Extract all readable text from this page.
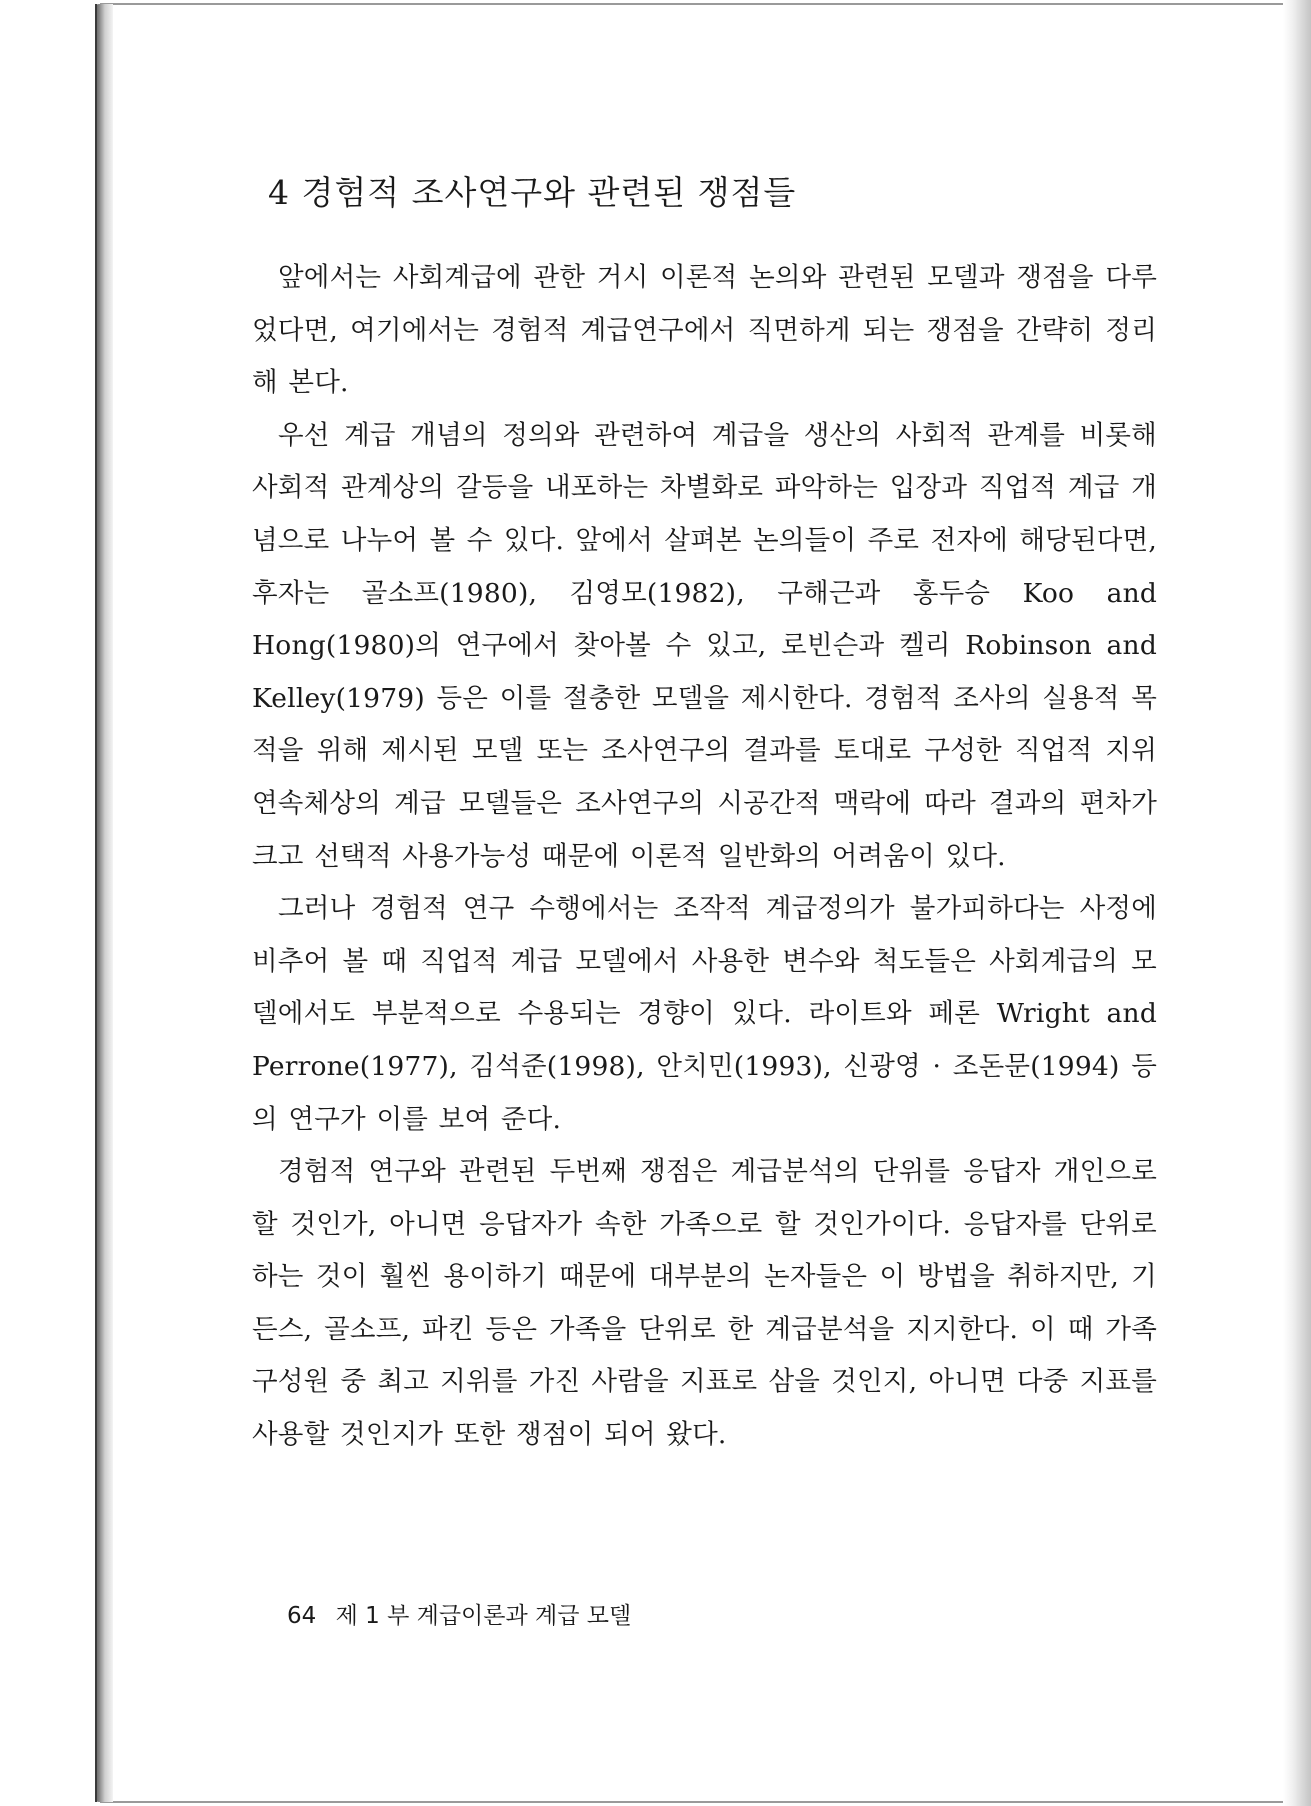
4 경험적 조사연구와 관련된 쟁점들

앞에서는 사회계급에 관한 거시 이론적 논의와 관련된 모델과 쟁점을 다루었다면, 여기에서는 경험적 계급연구에서 직면하게 되는 쟁점을 간략히 정리해 본다.

우선 계급 개념의 정의와 관련하여 계급을 생산의 사회적 관계를 비롯해 사회적 관계상의 갈등을 내포하는 차별화로 파악하는 입장과 직업적 계급 개념으로 나누어 볼 수 있다. 앞에서 살펴본 논의들이 주로 전자에 해당된다면, 후자는 골소프(1980), 김영모(1982), 구해근과 홍두승 Koo and Hong(1980)의 연구에서 찾아볼 수 있고, 로빈슨과 켈리 Robinson and Kelley(1979) 등은 이를 절충한 모델을 제시한다. 경험적 조사의 실용적 목적을 위해 제시된 모델 또는 조사연구의 결과를 토대로 구성한 직업적 지위연속체상의 계급 모델들은 조사연구의 시공간적 맥락에 따라 결과의 편차가 크고 선택적 사용가능성 때문에 이론적 일반화의 어려움이 있다.

그러나 경험적 연구 수행에서는 조작적 계급정의가 불가피하다는 사정에 비추어 볼 때 직업적 계급 모델에서 사용한 변수와 척도들은 사회계급의 모델에서도 부분적으로 수용되는 경향이 있다. 라이트와 페론 Wright and Perrone(1977), 김석준(1998), 안치민(1993), 신광영 · 조돈문(1994) 등의 연구가 이를 보여 준다.

경험적 연구와 관련된 두번째 쟁점은 계급분석의 단위를 응답자 개인으로 할 것인가, 아니면 응답자가 속한 가족으로 할 것인가이다. 응답자를 단위로 하는 것이 훨씬 용이하기 때문에 대부분의 논자들은 이 방법을 취하지만, 기든스, 골소프, 파킨 등은 가족을 단위로 한 계급분석을 지지한다. 이 때 가족구성원 중 최고 지위를 가진 사람을 지표로 삼을 것인지, 아니면 다중 지표를 사용할 것인지가 또한 쟁점이 되어 왔다.

64 제 1 부 계급이론과 계급 모델
